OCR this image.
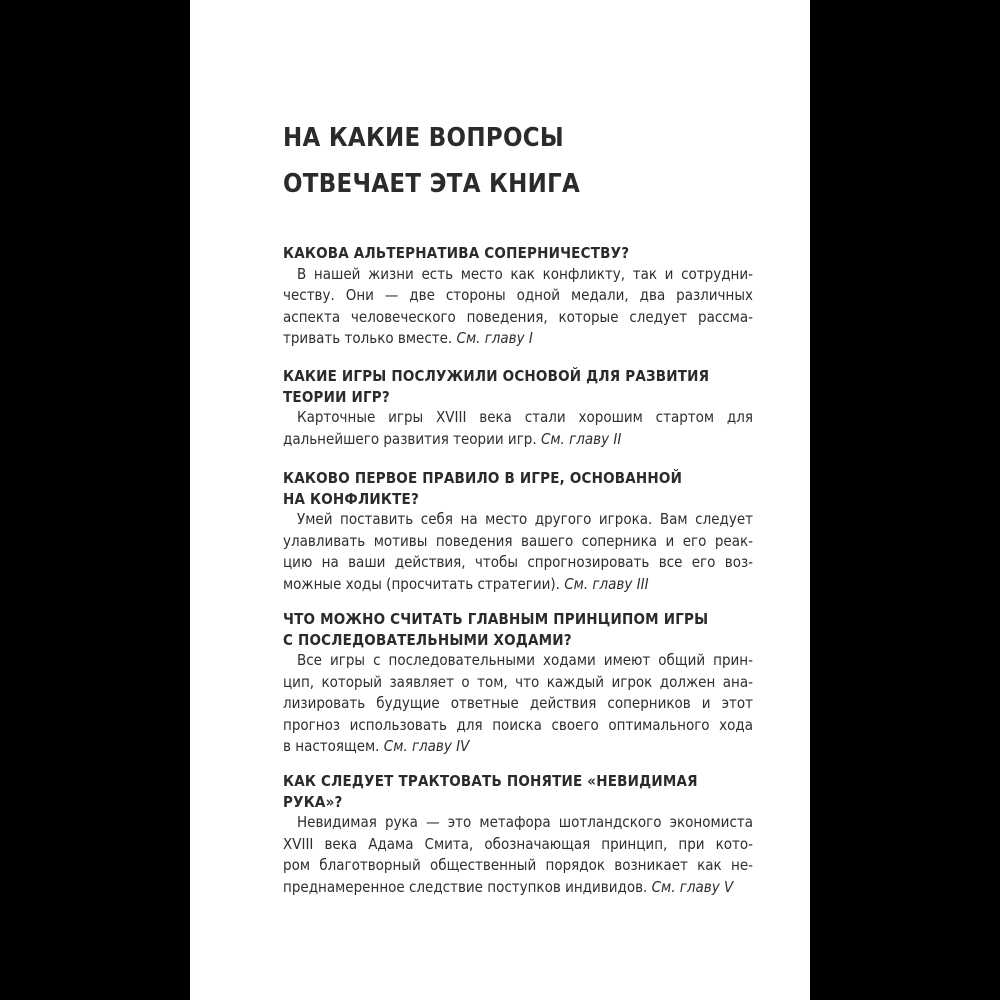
НА КАКИЕ ВОПРОСЫ
ОТВЕЧАЕТ ЭТА КНИГА
КАКОВА АЛЬТЕРНАТИВА СОПЕРНИЧЕСТВУ?
В нашей жизни есть место как конфликту, так и сотрудни-
честву. Они — две стороны одной медали, два различных
аспекта человеческого поведения, которые следует рассма-
тривать только вместе. См. главу I
КАКИЕ ИГРЫ ПОСЛУЖИЛИ ОСНОВОЙ ДЛЯ РАЗВИТИЯ
ТЕОРИИ ИГР?
Карточные игры XVIII века стали хорошим стартом для
дальнейшего развития теории игр. См. главу II
КАКОВО ПЕРВОЕ ПРАВИЛО В ИГРЕ, ОСНОВАННОЙ
НА КОНФЛИКТЕ?
Умей поставить себя на место другого игрока. Вам следует
улавливать мотивы поведения вашего соперника и его реак-
цию на ваши действия, чтобы спрогнозировать все его воз-
можные ходы (просчитать стратегии). См. главу III
ЧТО МОЖНО СЧИТАТЬ ГЛАВНЫМ ПРИНЦИПОМ ИГРЫ
С ПОСЛЕДОВАТЕЛЬНЫМИ ХОДАМИ?
Все игры с последовательными ходами имеют общий прин-
цип, который заявляет о том, что каждый игрок должен ана-
лизировать будущие ответные действия соперников и этот
прогноз использовать для поиска своего оптимального хода
в настоящем. См. главу IV
КАК СЛЕДУЕТ ТРАКТОВАТЬ ПОНЯТИЕ «НЕВИДИМАЯ
РУКА»?
Невидимая рука — это метафора шотландского экономиста
XVIII века Адама Смита, обозначающая принцип, при кото-
ром благотворный общественный порядок возникает как не-
преднамеренное следствие поступков индивидов. См. главу V
